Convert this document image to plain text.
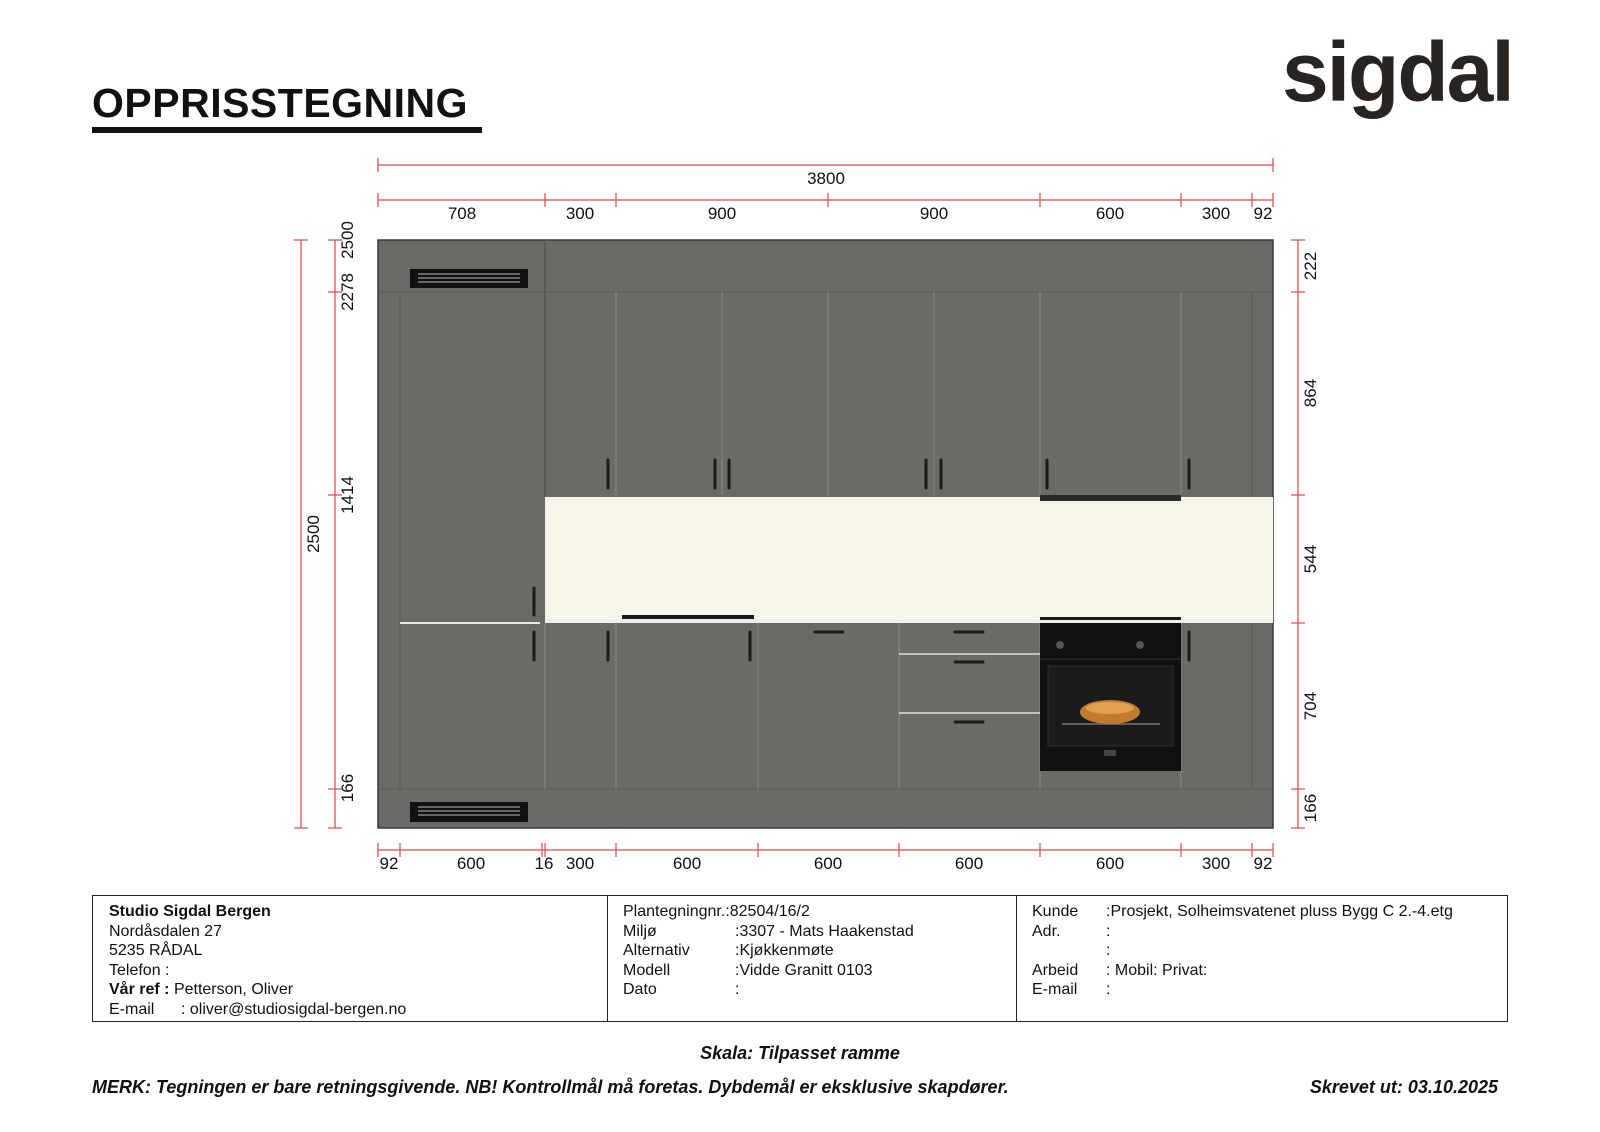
OPPRISSTEGNING	sigdal
3800
708	300	900	900	600	300 92
92	600	16 300	600	600	600	600	300 92
2500
2500
2278
1414
166
222
864
544
704
166
Studio Sigdal Bergen
Nordåsdalen 27
5235 RÅDAL
Telefon :
Vår ref : Petterson, Oliver
E-mail : oliver@studiosigdal-bergen.no
Plantegningnr.:82504/16/2
Miljø	:3307 - Mats Haakenstad
Alternativ	:Kjøkkenmøte
Modell	:Vidde Granitt 0103
Dato	:
Kunde :Prosjekt, Solheimsvatenet pluss Bygg C 2.-4.etg
Adr.	:
:
Arbeid : Mobil: Privat:
E-mail :
Skala: Tilpasset ramme
MERK: Tegningen er bare retningsgivende. NB! Kontrollmål må foretas. Dybdemål er eksklusive skapdører.	Skrevet ut: 03.10.2025
